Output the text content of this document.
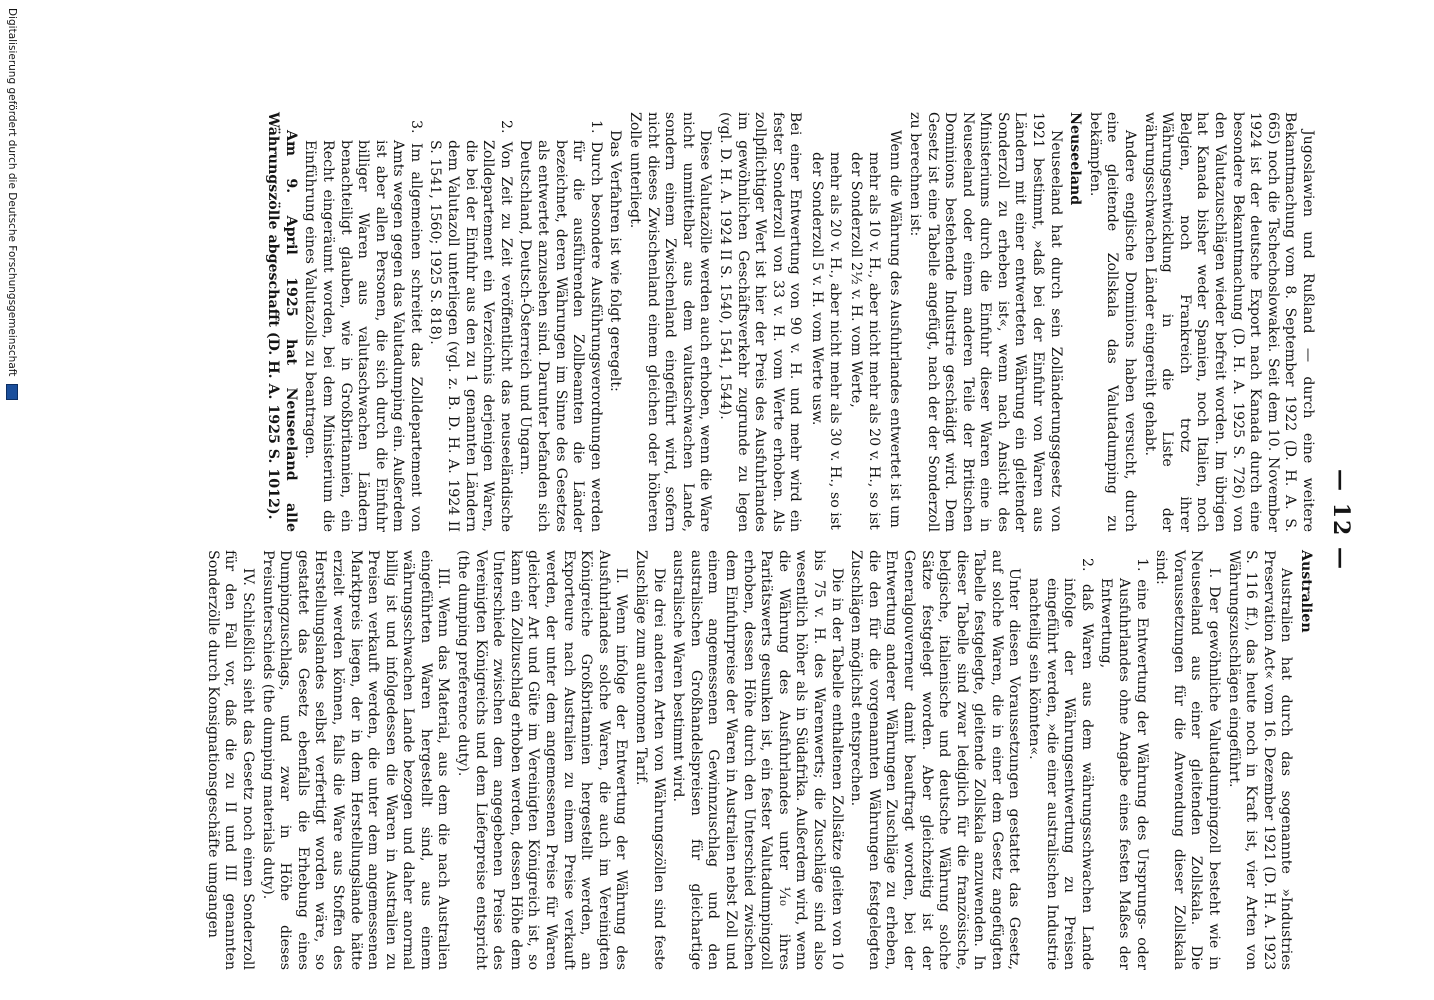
— 12 —

Jugoslawien und Rußland — durch eine weitere Bekanntmachung vom 8. September 1922 (D. H. A. S. 665) noch die Tschechoslowakei. Seit dem 10. November 1924 ist der deutsche Export nach Kanada durch eine besondere Bekanntmachung (D. H. A. 1925 S. 726) von den Valutazuschlägen wieder befreit worden. Im übrigen hat Kanada bisher weder Spanien, noch Italien, noch Belgien, noch Frankreich trotz ihrer Währungsentwicklung in die Liste der währungsschwachen Länder eingereiht gehabt.

Andere englische Dominions haben versucht, durch eine gleitende Zollskala das Valutadumping zu bekämpfen.

Neuseeland

Neuseeland hat durch sein Zolländerungsgesetz von 1921 bestimmt, »daß bei der Einfuhr von Waren aus Ländern mit einer entwerteten Währung ein gleitender Sonderzoll zu erheben ist«, wenn nach Ansicht des Ministeriums durch die Einfuhr dieser Waren eine in Neuseeland oder einem anderen Teile der Britischen Dominions bestehende Industrie geschädigt wird. Dem Gesetz ist eine Tabelle angefügt, nach der der Sonderzoll zu berechnen ist:

Wenn die Währung des Ausfuhrlandes entwertet ist um

mehr als 10 v. H., aber nicht mehr als 20 v. H., so ist der Sonderzoll 2½ v. H. vom Werte,

mehr als 20 v. H., aber nicht mehr als 30 v. H., so ist der Sonderzoll 5 v. H. vom Werte usw.

Bei einer Entwertung von 90 v. H. und mehr wird ein fester Sonderzoll von 33 v. H. vom Werte erhoben. Als zollpflichtiger Wert ist hier der Preis des Ausfuhrlandes im gewöhnlichen Geschäftsverkehr zugrunde zu legen (vgl. D. H. A. 1924 II S. 1540, 1541, 1544).

Diese Valutazölle werden auch erhoben, wenn die Ware nicht unmittelbar aus dem valutaschwachen Lande, sondern einem Zwischenland eingeführt wird, sofern nicht dieses Zwischenland einem gleichen oder höheren Zolle unterliegt.

Das Verfahren ist wie folgt geregelt:

1. Durch besondere Ausführungsverordnungen werden für die ausführenden Zollbeamten die Länder bezeichnet, deren Währungen im Sinne des Gesetzes als entwertet anzusehen sind. Darunter befanden sich Deutschland, Deutsch-Österreich und Ungarn.

2. Von Zeit zu Zeit veröffentlicht das neuseeländische Zolldepartement ein Verzeichnis derjenigen Waren, die bei der Einfuhr aus den zu 1 genannten Ländern dem Valutazoll unterliegen (vgl. z. B. D. H. A. 1924 II S. 1541, 1560; 1925 S. 818).

3. Im allgemeinen schreitet das Zolldepartement von Amts wegen gegen das Valutadumping ein. Außerdem ist aber allen Personen, die sich durch die Einfuhr billiger Waren aus valutaschwachen Ländern benachteiligt glauben, wie in Großbritannien, ein Recht eingeräumt worden, bei dem Ministerium die Einführung eines Valutazolls zu beantragen.

Am 9. April 1925 hat Neuseeland alle Währungszölle abgeschafft (D. H. A. 1925 S. 1012).

Australien

Australien hat durch das sogenannte »Industries Preservation Act« vom 16. Dezember 1921 (D. H. A. 1923 S. 116 ff.), das heute noch in Kraft ist, vier Arten von Währungszuschlägen eingeführt.

I. Der gewöhnliche Valutadumpingzoll besteht wie in Neuseeland aus einer gleitenden Zollskala. Die Voraussetzungen für die Anwendung dieser Zollskala sind:

1. eine Entwertung der Währung des Ursprungs- oder Ausfuhrlandes ohne Angabe eines festen Maßes der Entwertung,

2. daß Waren aus dem währungsschwachen Lande infolge der Währungsentwertung zu Preisen eingeführt werden, »die einer australischen Industrie nachteilig sein könnten«.

Unter diesen Voraussetzungen gestattet das Gesetz, auf solche Waren, die in einer dem Gesetz angefügten Tabelle festgelegte, gleitende Zollskala anzuwenden. In dieser Tabelle sind zwar lediglich für die französische, belgische, italienische und deutsche Währung solche Sätze festgelegt worden. Aber gleichzeitig ist der Generalgouverneur damit beauftragt worden, bei der Entwertung anderer Währungen Zuschläge zu erheben, die den für die vorgenannten Währungen festgelegten Zuschlägen möglichst entsprechen.

Die in der Tabelle enthaltenen Zollsätze gleiten von 10 bis 75 v. H. des Warenwerts; die Zuschläge sind also wesentlich höher als in Südafrika. Außerdem wird, wenn die Währung des Ausfuhrlandes unter ⅒ ihres Paritätswerts gesunken ist, ein fester Valutadumpingzoll erhoben, dessen Höhe durch den Unterschied zwischen dem Einfuhrpreise der Waren in Australien nebst Zoll und einem angemessenen Gewinnzuschlag und den australischen Großhandelspreisen für gleichartige australische Waren bestimmt wird.

Die drei anderen Arten von Währungszöllen sind feste Zuschläge zum autonomen Tarif.

II. Wenn infolge der Entwertung der Währung des Ausfuhrlandes solche Waren, die auch im Vereinigten Königreiche Großbritannien hergestellt werden, an Exporteure nach Australien zu einem Preise verkauft werden, der unter dem angemessenen Preise für Waren gleicher Art und Güte im Vereinigten Königreich ist, so kann ein Zollzuschlag erhoben werden, dessen Höhe dem Unterschiede zwischen dem angegebenen Preise des Vereinigten Königreichs und dem Lieferpreise entspricht (the dumping preference duty).

III. Wenn das Material, aus dem die nach Australien eingeführten Waren hergestellt sind, aus einem währungsschwachen Lande bezogen und daher anormal billig ist und infolgedessen die Waren in Australien zu Preisen verkauft werden, die unter dem angemessenen Marktpreis liegen, der in dem Herstellungslande hätte erzielt werden können, falls die Ware aus Stoffen des Herstellungslandes selbst verfertigt worden wäre, so gestattet das Gesetz ebenfalls die Erhebung eines Dumpingzuschlags, und zwar in Höhe dieses Preisunterschieds (the dumping materials duty).

IV. Schließlich sieht das Gesetz noch einen Sonderzoll für den Fall vor, daß die zu II und III genannten Sonderzölle durch Konsignationsgeschäfte umgangen

Digitalisierung gefördert durch die Deutsche Forschungsgemeinschaft
